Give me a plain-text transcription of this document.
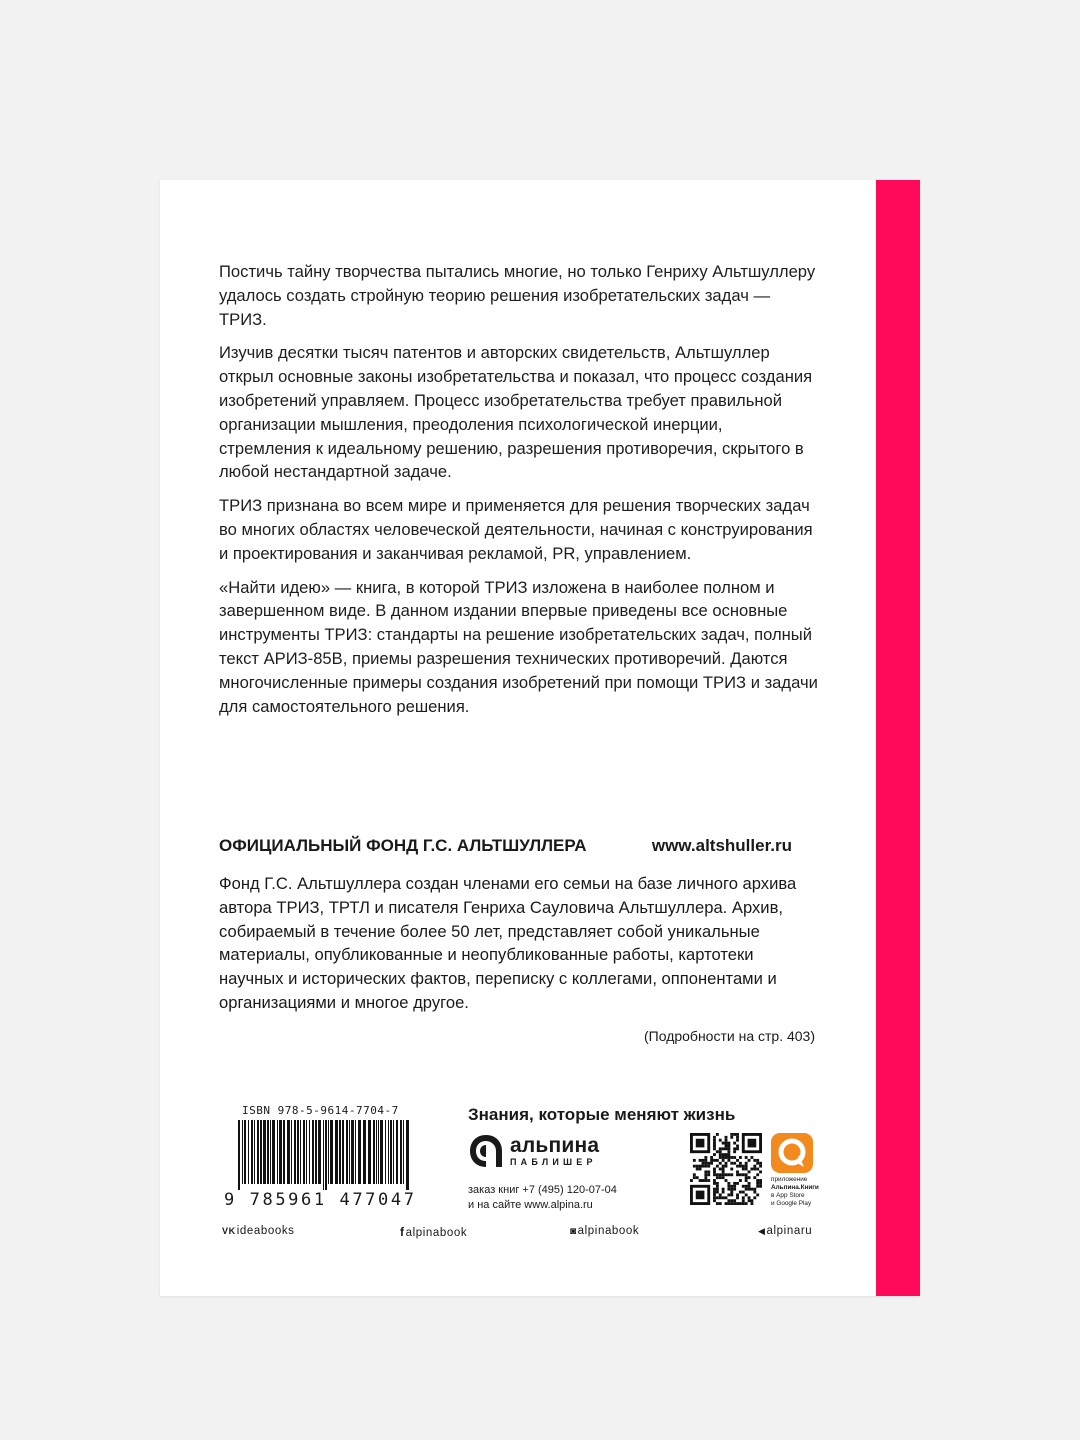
Постичь тайну творчества пытались многие, но только Генриху Альтшуллеру удалось создать стройную теорию решения изобретательских задач — ТРИЗ.

Изучив десятки тысяч патентов и авторских свидетельств, Альтшуллер открыл основные законы изобретательства и показал, что процесс создания изобретений управляем. Процесс изобретательства требует правильной организации мышления, преодоления психологической инерции, стремления к идеальному решению, разрешения противоречия, скрытого в любой нестандартной задаче.

ТРИЗ признана во всем мире и применяется для решения творческих задач во многих областях человеческой деятельности, начиная с конструирования и проектирования и заканчивая рекламой, PR, управлением.

«Найти идею» — книга, в которой ТРИЗ изложена в наиболее полном и завершенном виде. В данном издании впервые приведены все основные инструменты ТРИЗ: стандарты на решение изобретательских задач, полный текст АРИЗ-85В, приемы разрешения технических противоречий. Даются многочисленные примеры создания изобретений при помощи ТРИЗ и задачи для самостоятельного решения.

ОФИЦИАЛЬНЫЙ ФОНД Г.С. АЛЬТШУЛЛЕРА	www.altshuller.ru
Фонд Г.С. Альтшуллера создан членами его семьи на базе личного архива автора ТРИЗ, ТРТЛ и писателя Генриха Сауловича Альтшуллера. Архив, собираемый в течение более 50 лет, представляет собой уникальные материалы, опубликованные и неопубликованные работы, картотеки научных и исторических фактов, переписку с коллегами, оппонентами и организациями и многое другое.
(Подробности на стр. 403)
ISBN 978-5-9614-7704-7
9 785961 477047
Знания, которые меняют жизнь
альпина
ПАБЛИШЕР
заказ книг +7 (495) 120-07-04
и на сайте www.alpina.ru
приложение
Альпина.Книги
в App Store
и Google Play
VKideabooks	falpinabook	◙alpinabook	◀alpinaru
